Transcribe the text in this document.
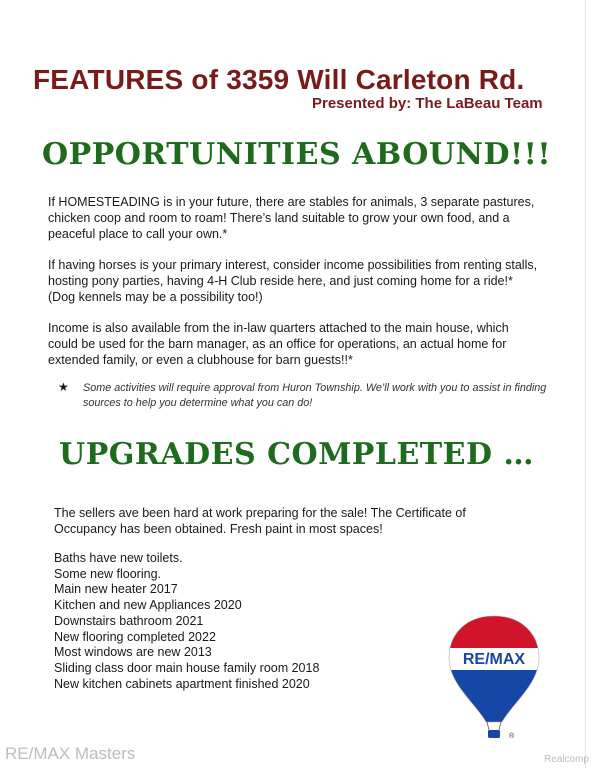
FEATURES of 3359 Will Carleton Rd.
Presented by: The LaBeau Team
OPPORTUNITIES ABOUND!!!
If HOMESTEADING is in your future, there are stables for animals, 3 separate pastures, chicken coop and room to roam! There’s land suitable to grow your own food, and a peaceful place to call your own.*
If having horses is your primary interest, consider income possibilities from renting stalls, hosting pony parties, having 4-H Club reside here, and just coming home for a ride!* (Dog kennels may be a possibility too!)
Income is also available from the in-law quarters attached to the main house, which could be used for the barn manager, as an office for operations, an actual home for extended family, or even a clubhouse for barn guests!!*
★ Some activities will require approval from Huron Township. We’ll work with you to assist in finding sources to help you determine what you can do!
UPGRADES COMPLETED …
The sellers ave been hard at work preparing for the sale! The Certificate of Occupancy has been obtained. Fresh paint in most spaces!
Baths have new toilets.
Some new flooring.
Main new heater 2017
Kitchen and new Appliances 2020
Downstairs bathroom 2021
New flooring completed 2022
Most windows are new 2013
Sliding class door main house family room 2018
New kitchen cabinets apartment finished 2020
RE/MAX
®
RE/MAX Masters	Realcomp
